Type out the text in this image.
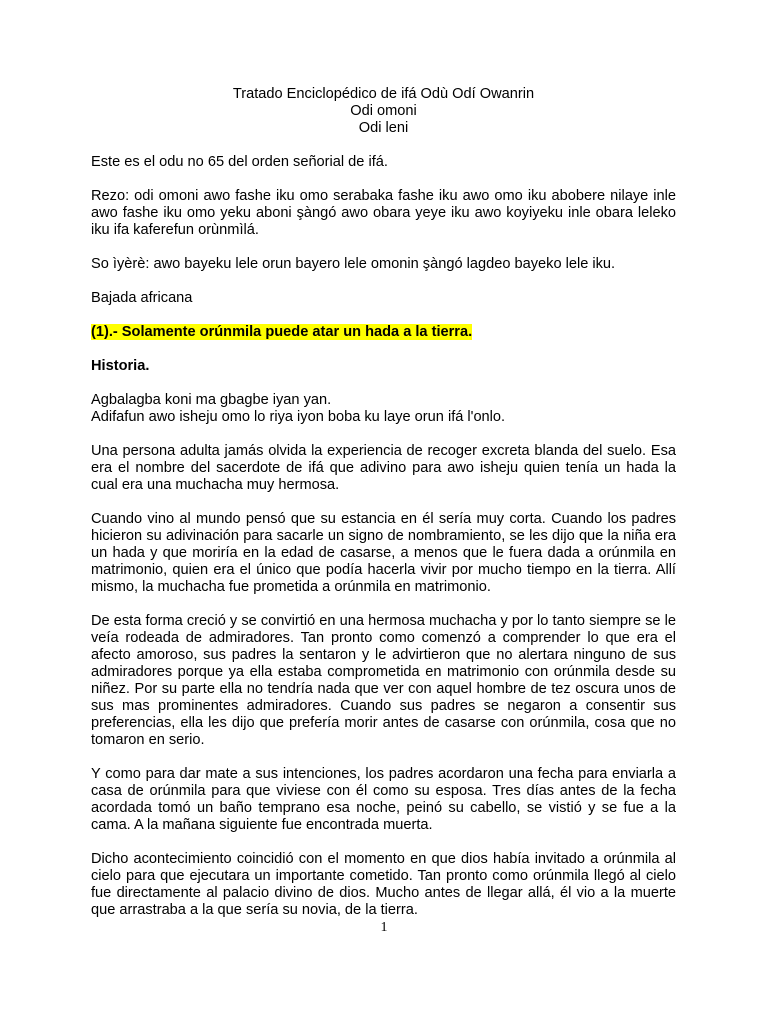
Tratado Enciclopédico de ifá Odù Odí Owanrin
Odi omoni
Odi leni

Este es el odu no 65 del orden señorial de ifá.

Rezo: odi omoni awo fashe iku omo serabaka fashe iku awo omo iku abobere nilaye inle awo fashe iku omo yeku aboni şàngó awo obara yeye iku awo koyiyeku inle obara leleko iku ifa kaferefun orùnmìlá.

So ìyèrè: awo bayeku lele orun bayero lele omonin şàngó lagdeo bayeko lele iku.

Bajada africana

(1).- Solamente orúnmila puede atar un hada a la tierra.

Historia.

Agbalagba koni ma gbagbe iyan yan.

Adifafun awo isheju omo lo riya iyon boba ku laye orun ifá l'onlo.

Una persona adulta jamás olvida la experiencia de recoger excreta blanda del suelo. Esa era el nombre del sacerdote de ifá que adivino para awo isheju quien tenía un hada la cual era una muchacha muy hermosa.

Cuando vino al mundo pensó que su estancia en él sería muy corta. Cuando los padres hicieron su adivinación para sacarle un signo de nombramiento, se les dijo que la niña era un hada y que moriría en la edad de casarse, a menos que le fuera dada a orúnmila en matrimonio, quien era el único que podía hacerla vivir por mucho tiempo en la tierra. Allí mismo, la muchacha fue prometida a orúnmila en matrimonio.

De esta forma creció y se convirtió en una hermosa muchacha y por lo tanto siempre se le veía rodeada de admiradores. Tan pronto como comenzó a comprender lo que era el afecto amoroso, sus padres la sentaron y le advirtieron que no alertara ninguno de sus admiradores porque ya ella estaba comprometida en matrimonio con orúnmila desde su niñez. Por su parte ella no tendría nada que ver con aquel hombre de tez oscura unos de sus mas prominentes admiradores. Cuando sus padres se negaron a consentir sus preferencias, ella les dijo que prefería morir antes de casarse con orúnmila, cosa que no tomaron en serio.

Y como para dar mate a sus intenciones, los padres acordaron una fecha para enviarla a casa de orúnmila para que viviese con él como su esposa. Tres días antes de la fecha acordada tomó un baño temprano esa noche, peinó su cabello, se vistió y se fue a la cama. A la mañana siguiente fue encontrada muerta.

Dicho acontecimiento coincidió con el momento en que dios había invitado a orúnmila al cielo para que ejecutara un importante cometido. Tan pronto como orúnmila llegó al cielo fue directamente al palacio divino de dios. Mucho antes de llegar allá, él vio a la muerte que arrastraba a la que sería su novia, de la tierra.

1
